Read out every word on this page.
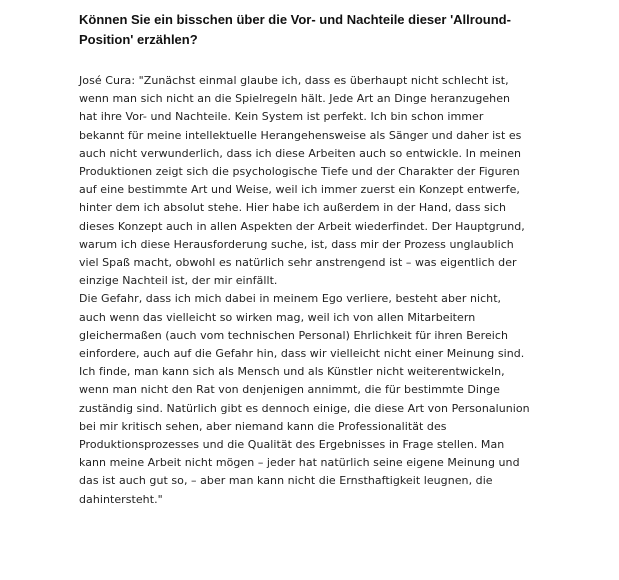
Können Sie ein bisschen über die Vor- und Nachteile dieser 'Allround-Position' erzählen?

José Cura: "Zunächst einmal glaube ich, dass es überhaupt nicht schlecht ist, wenn man sich nicht an die Spielregeln hält. Jede Art an Dinge heranzugehen hat ihre Vor- und Nachteile. Kein System ist perfekt. Ich bin schon immer bekannt für meine intellektuelle Herangehensweise als Sänger und daher ist es auch nicht verwunderlich, dass ich diese Arbeiten auch so entwickle. In meinen Produktionen zeigt sich die psychologische Tiefe und der Charakter der Figuren auf eine bestimmte Art und Weise, weil ich immer zuerst ein Konzept entwerfe, hinter dem ich absolut stehe. Hier habe ich außerdem in der Hand, dass sich dieses Konzept auch in allen Aspekten der Arbeit wiederfindet. Der Hauptgrund, warum ich diese Herausforderung suche, ist, dass mir der Prozess unglaublich viel Spaß macht, obwohl es natürlich sehr anstrengend ist – was eigentlich der einzige Nachteil ist, der mir einfällt.

Die Gefahr, dass ich mich dabei in meinem Ego verliere, besteht aber nicht, auch wenn das vielleicht so wirken mag, weil ich von allen Mitarbeitern gleichermaßen (auch vom technischen Personal) Ehrlichkeit für ihren Bereich einfordere, auch auf die Gefahr hin, dass wir vielleicht nicht einer Meinung sind. Ich finde, man kann sich als Mensch und als Künstler nicht weiterentwickeln, wenn man nicht den Rat von denjenigen annimmt, die für bestimmte Dinge zuständig sind. Natürlich gibt es dennoch einige, die diese Art von Personalunion bei mir kritisch sehen, aber niemand kann die Professionalität des Produktionsprozesses und die Qualität des Ergebnisses in Frage stellen. Man kann meine Arbeit nicht mögen – jeder hat natürlich seine eigene Meinung und das ist auch gut so, – aber man kann nicht die Ernsthaftigkeit leugnen, die dahintersteht."
